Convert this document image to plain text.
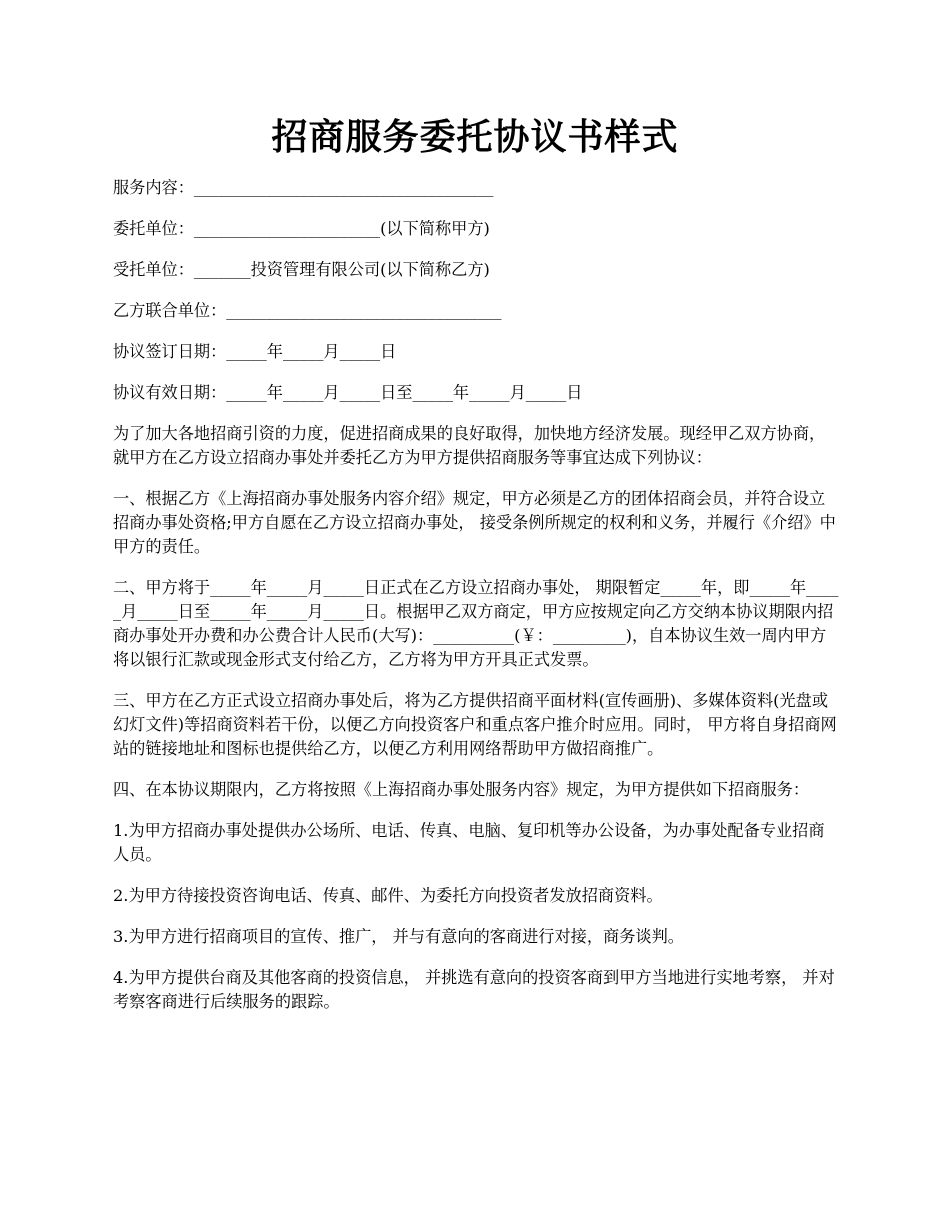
招商服务委托协议书样式

服务内容：_____________________________________

委托单位：_______________________(以下简称甲方)

受托单位：_______投资管理有限公司(以下简称乙方)

乙方联合单位：__________________________________

协议签订日期：_____年_____月_____日

协议有效日期：_____年_____月_____日至_____年_____月_____日

为了加大各地招商引资的力度，促进招商成果的良好取得，加快地方经济发展。现经甲乙双方协商，就甲方在乙方设立招商办事处并委托乙方为甲方提供招商服务等事宜达成下列协议：

一、根据乙方《上海招商办事处服务内容介绍》规定，甲方必须是乙方的团体招商会员，并符合设立招商办事处资格;甲方自愿在乙方设立招商办事处， 接受条例所规定的权利和义务，并履行《介绍》中甲方的责任。

二、甲方将于_____年_____月_____日正式在乙方设立招商办事处， 期限暂定_____年，即_____年_____月_____日至_____年_____月_____日。根据甲乙双方商定，甲方应按规定向乙方交纳本协议期限内招商办事处开办费和办公费合计人民币(大写)：__________(￥：_________)，自本协议生效一周内甲方将以银行汇款或现金形式支付给乙方，乙方将为甲方开具正式发票。

三、甲方在乙方正式设立招商办事处后，将为乙方提供招商平面材料(宣传画册)、多媒体资料(光盘或幻灯文件)等招商资料若干份，以便乙方向投资客户和重点客户推介时应用。同时， 甲方将自身招商网站的链接地址和图标也提供给乙方，以便乙方利用网络帮助甲方做招商推广。

四、在本协议期限内，乙方将按照《上海招商办事处服务内容》规定，为甲方提供如下招商服务：

1.为甲方招商办事处提供办公场所、电话、传真、电脑、复印机等办公设备，为办事处配备专业招商人员。

2.为甲方待接投资咨询电话、传真、邮件、为委托方向投资者发放招商资料。

3.为甲方进行招商项目的宣传、推广， 并与有意向的客商进行对接，商务谈判。

4.为甲方提供台商及其他客商的投资信息， 并挑选有意向的投资客商到甲方当地进行实地考察， 并对考察客商进行后续服务的跟踪。
